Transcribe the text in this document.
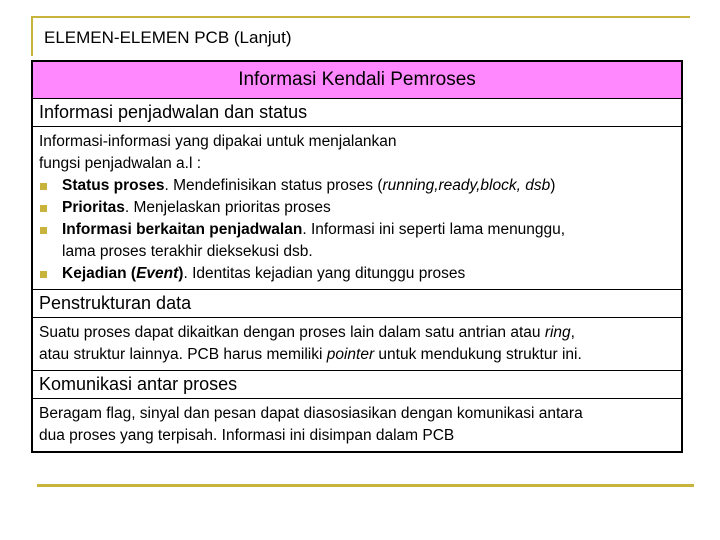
ELEMEN-ELEMEN PCB (Lanjut)
Informasi Kendali Pemroses
Informasi penjadwalan dan status
Informasi-informasi yang dipakai untuk menjalankan
fungsi penjadwalan a.l :
Status proses. Mendefinisikan status proses (running,ready,block, dsb)
Prioritas. Menjelaskan prioritas proses
Informasi berkaitan penjadwalan. Informasi ini seperti lama menunggu,
lama proses terakhir dieksekusi dsb.
Kejadian (Event). Identitas kejadian yang ditunggu proses
Penstrukturan data
Suatu proses dapat dikaitkan dengan proses lain dalam satu antrian atau ring,
atau struktur lainnya. PCB harus memiliki pointer untuk mendukung struktur ini.
Komunikasi antar proses
Beragam flag, sinyal dan pesan dapat diasosiasikan dengan komunikasi antara
dua proses yang terpisah. Informasi ini disimpan dalam PCB
